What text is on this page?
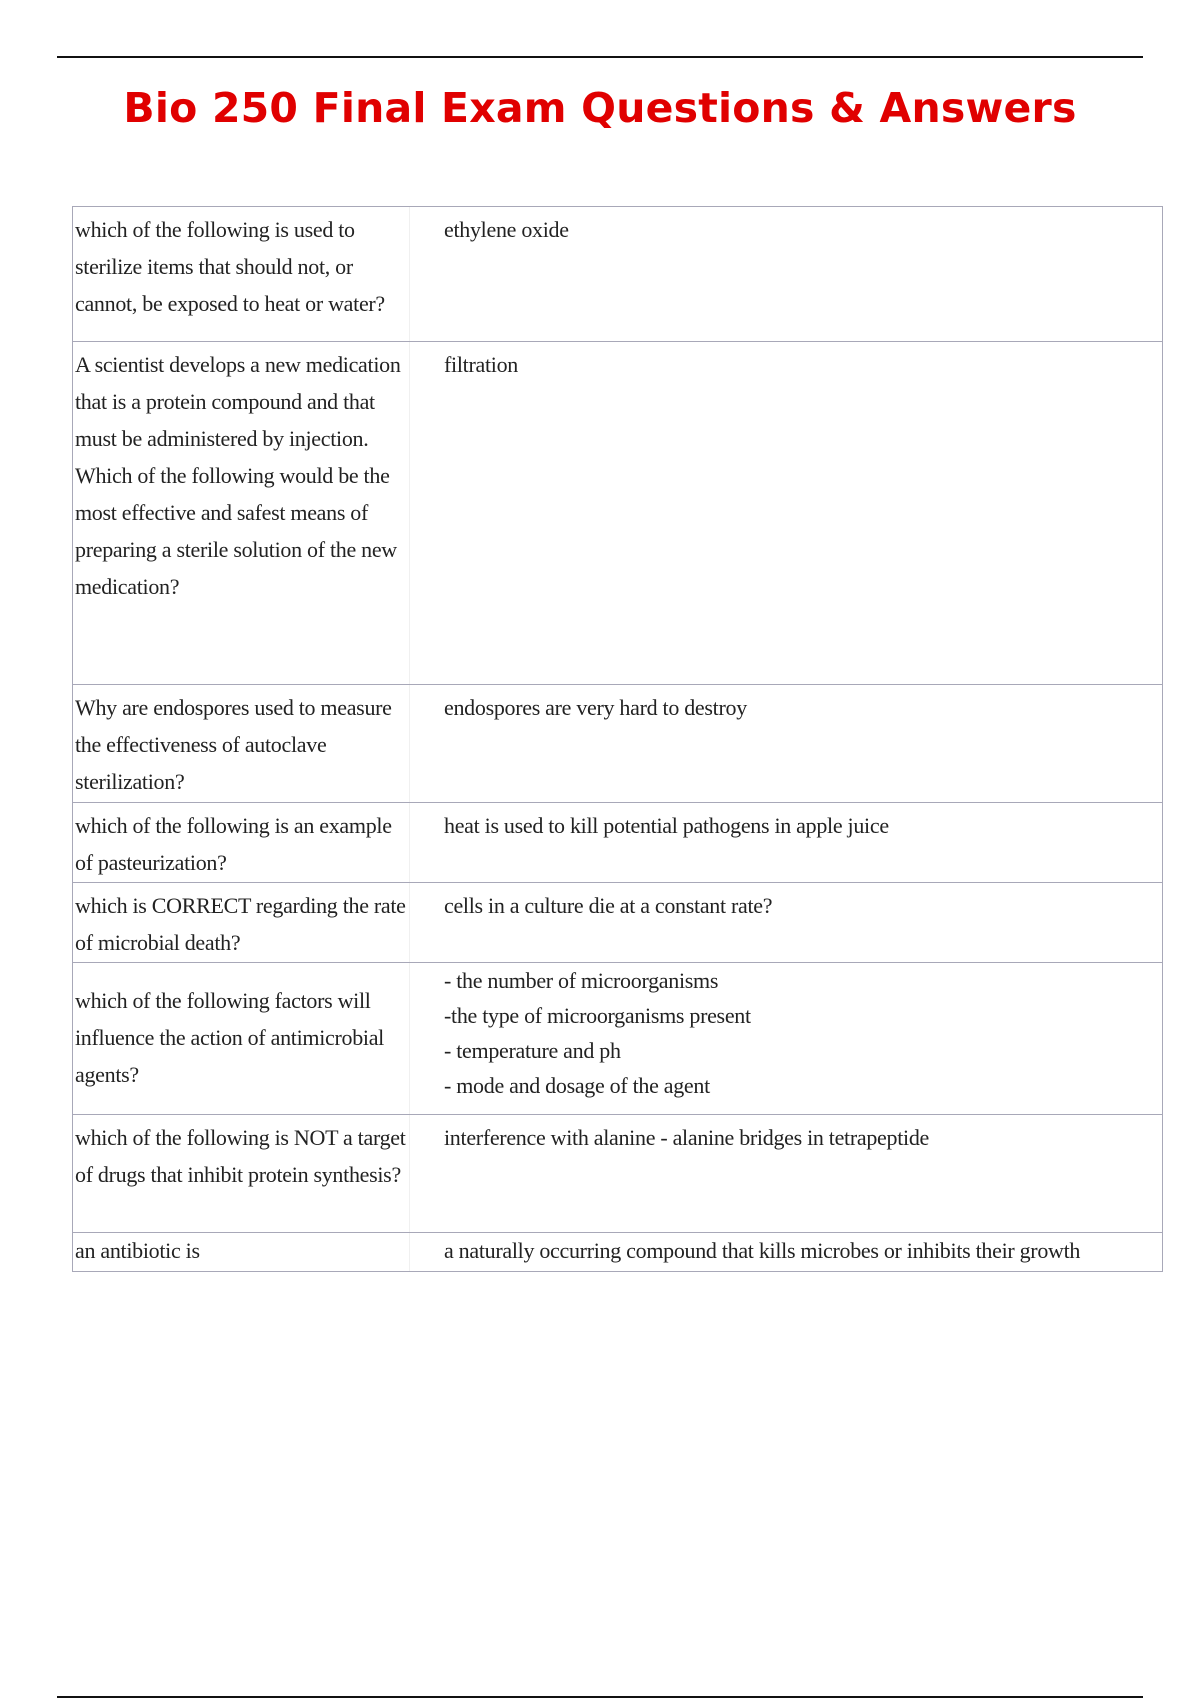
Bio 250 Final Exam Questions & Answers
which of the following is used to sterilize items that should not, or cannot, be exposed to heat or water?
ethylene oxide
A scientist develops a new medication that is a protein compound and that must be administered by injection. Which of the following would be the most effective and safest means of preparing a sterile solution of the new medication?
filtration
Why are endospores used to measure the effectiveness of autoclave sterilization?
endospores are very hard to destroy
which of the following is an example of pasteurization?
heat is used to kill potential pathogens in apple juice
which is CORRECT regarding the rate of microbial death?
cells in a culture die at a constant rate?
which of the following factors will influence the action of antimicrobial agents?
- the number of microorganisms
-the type of microorganisms present
- temperature and ph
- mode and dosage of the agent
which of the following is NOT a target of drugs that inhibit protein synthesis?
interference with alanine - alanine bridges in tetrapeptide
an antibiotic is	a naturally occurring compound that kills microbes or inhibits their growth
